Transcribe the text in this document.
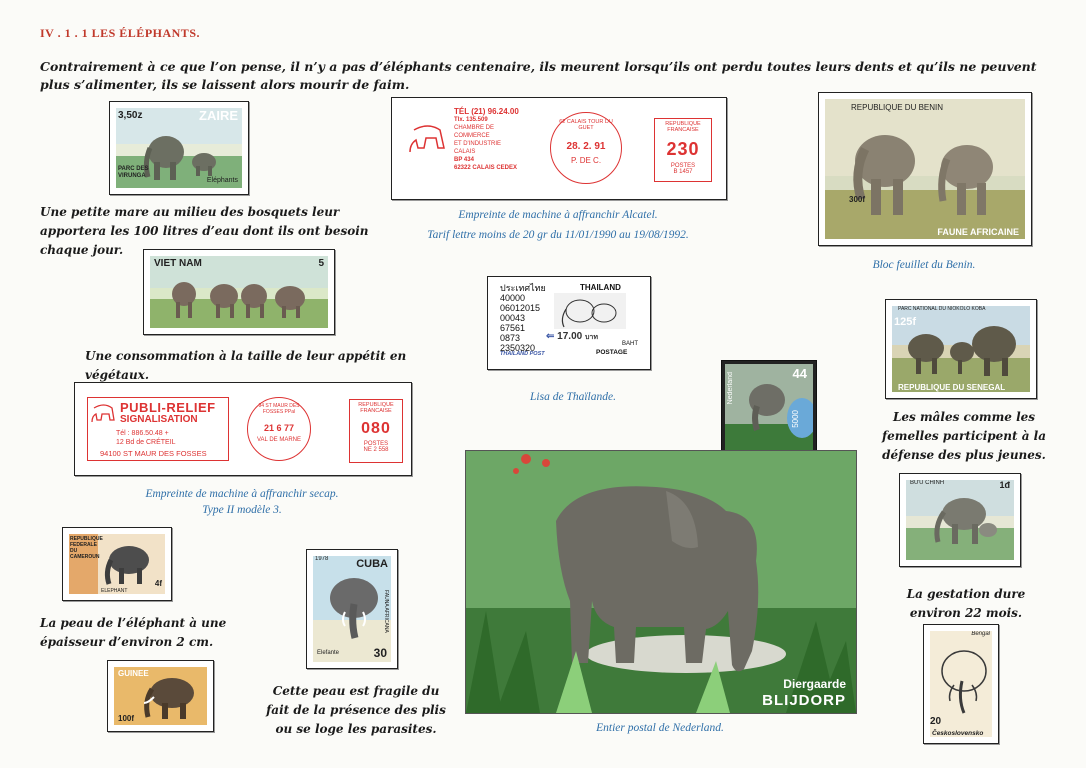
IV . 1 . 1 LES ÉLÉPHANTS.
Contrairement à ce que l’on pense, il n’y a pas d’éléphants centenaire, ils meurent lorsqu’ils ont perdu toutes leurs dents et qu’ils ne peuvent plus s’alimenter, ils se laissent alors mourir de faim.
3,50z	ZAIRE
PARC DES VIRUNGA
Eléphants
Une petite mare au milieu des bosquets leur apportera les 100 litres d’eau dont ils ont besoin chaque jour.
VIET NAM	5
Une consommation à la taille de leur appétit en végétaux.
TÉL (21) 96.24.00
Tlx. 135.509
CHAMBRE DE COMMERCE
ET D'INDUSTRIE
CALAIS
BP 434
62322 CALAIS CEDEX
62 CALAIS TOUR DU GUET
28. 2. 91
P. DE C.
REPUBLIQUE FRANCAISE
230
POSTES
B 1457
Empreinte de machine à affranchir Alcatel.
Tarif lettre moins de 20 gr du 11/01/1990 au 19/08/1992.
REPUBLIQUE DU BENIN
300f
FAUNE AFRICAINE
Bloc feuillet du Benin.
ประเทศไทย
40000
06012015
00043
67561
0873
2350320
THAILAND
⇐ 17.00 บาท
BAHT
POSTAGE
THAILAND POST
Lisa de Thaïlande.
PARC NATIONAL DU NIOKOLO KOBA
125f
REPUBLIQUE DU SENEGAL
Les mâles comme les femelles participent à la défense des plus jeunes.
PUBLI-RELIEF
SIGNALISATION
Tél : 886.50.48 +
12 Bd de CRÉTEIL
94100 ST MAUR DES FOSSES
94 ST MAUR DES FOSSES PPal
21 6 77
VAL DE MARNE
REPUBLIQUE FRANCAISE
080
POSTES
NE 2 558
Empreinte de machine à affranchir secap.
Type II modèle 3.
Nederland	44
5000
Diergaarde
BLIJDORP
Entier postal de Nederland.
BƯU CHÍNH	1đ
La gestation dure environ 22 mois.
REPUBLIQUE FEDERALE DU CAMEROUN
4f
ELEPHANT
La peau de l’éléphant à une épaisseur d’environ 2 cm.
1978	CUBA
FAUNA AFRICANA
Elefante	30
Cette peau est fragile du fait de la présence des plis ou se loge les parasites.
GUINEE
100f
Bengal
20
Československo
